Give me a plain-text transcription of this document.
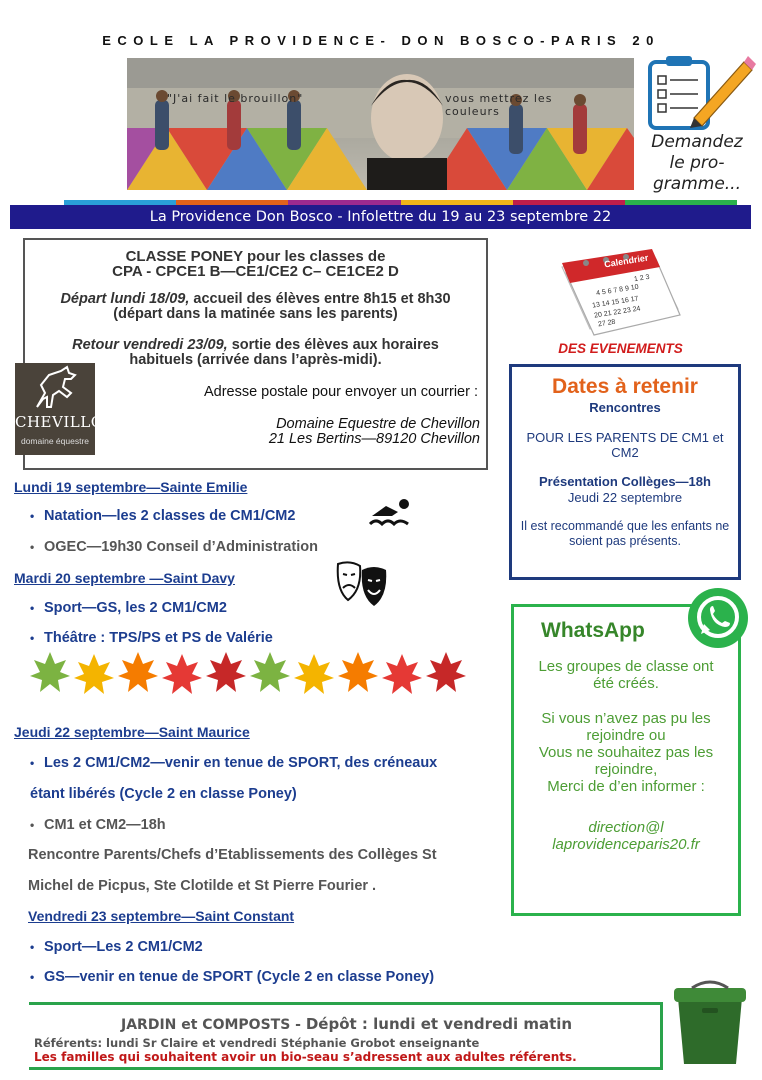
ECOLE LA PROVIDENCE- DON BOSCO-PARIS 20
"J'ai fait le brouillon"	vous mettrez les couleurs
Demandez le pro-gramme...
La Providence Don Bosco - Infolettre du 19 au 23 septembre 22
CLASSE PONEY pour les classes de
CPA - CPCE1 B—CE1/CE2 C– CE1CE2 D
Départ lundi 18/09, accueil des élèves entre 8h15 et 8h30
(départ dans la matinée sans les parents)
Retour vendredi 23/09, sortie des élèves aux horaires
habituels (arrivée dans l’après-midi).
Adresse postale pour envoyer un courrier :
Domaine Equestre de Chevillon
21 Les Bertins—89120 Chevillon
CHEVILLON
domaine équestre
Calendrier
1 2 3
4 5 6 7 8 9 10
13 14 15 16 17
20 21 22 23 24
27 28
DES EVENEMENTS
Dates à retenir
Rencontres
POUR LES PARENTS DE CM1 et CM2
Présentation Collèges—18h
Jeudi 22 septembre
Il est recommandé que les enfants ne soient pas présents.
WhatsApp
Les groupes de classe ont été créés.
Si vous n’avez pas pu les rejoindre ou
Vous ne souhaitez pas les rejoindre,
Merci de d’en informer :
direction@l
laprovidenceparis20.fr
Lundi 19 septembre—Sainte Emilie
• Natation—les 2 classes de CM1/CM2
• OGEC—19h30 Conseil d’Administration
Mardi 20 septembre —Saint Davy
• Sport—GS, les 2 CM1/CM2
• Théâtre : TPS/PS et PS de Valérie
Jeudi 22 septembre—Saint Maurice
• Les 2 CM1/CM2—venir en tenue de SPORT, des créneaux
étant libérés (Cycle 2 en classe Poney)
• CM1 et CM2—18h
Rencontre Parents/Chefs d’Etablissements des Collèges St
Michel de Picpus, Ste Clotilde et St Pierre Fourier .
Vendredi 23 septembre—Saint Constant
• Sport—Les 2 CM1/CM2
• GS—venir en tenue de SPORT (Cycle 2 en classe Poney)
JARDIN et COMPOSTS - Dépôt : lundi et vendredi matin
Référents: lundi Sr Claire et vendredi Stéphanie Grobot enseignante
Les familles qui souhaitent avoir un bio-seau s’adressent aux adultes référents.
